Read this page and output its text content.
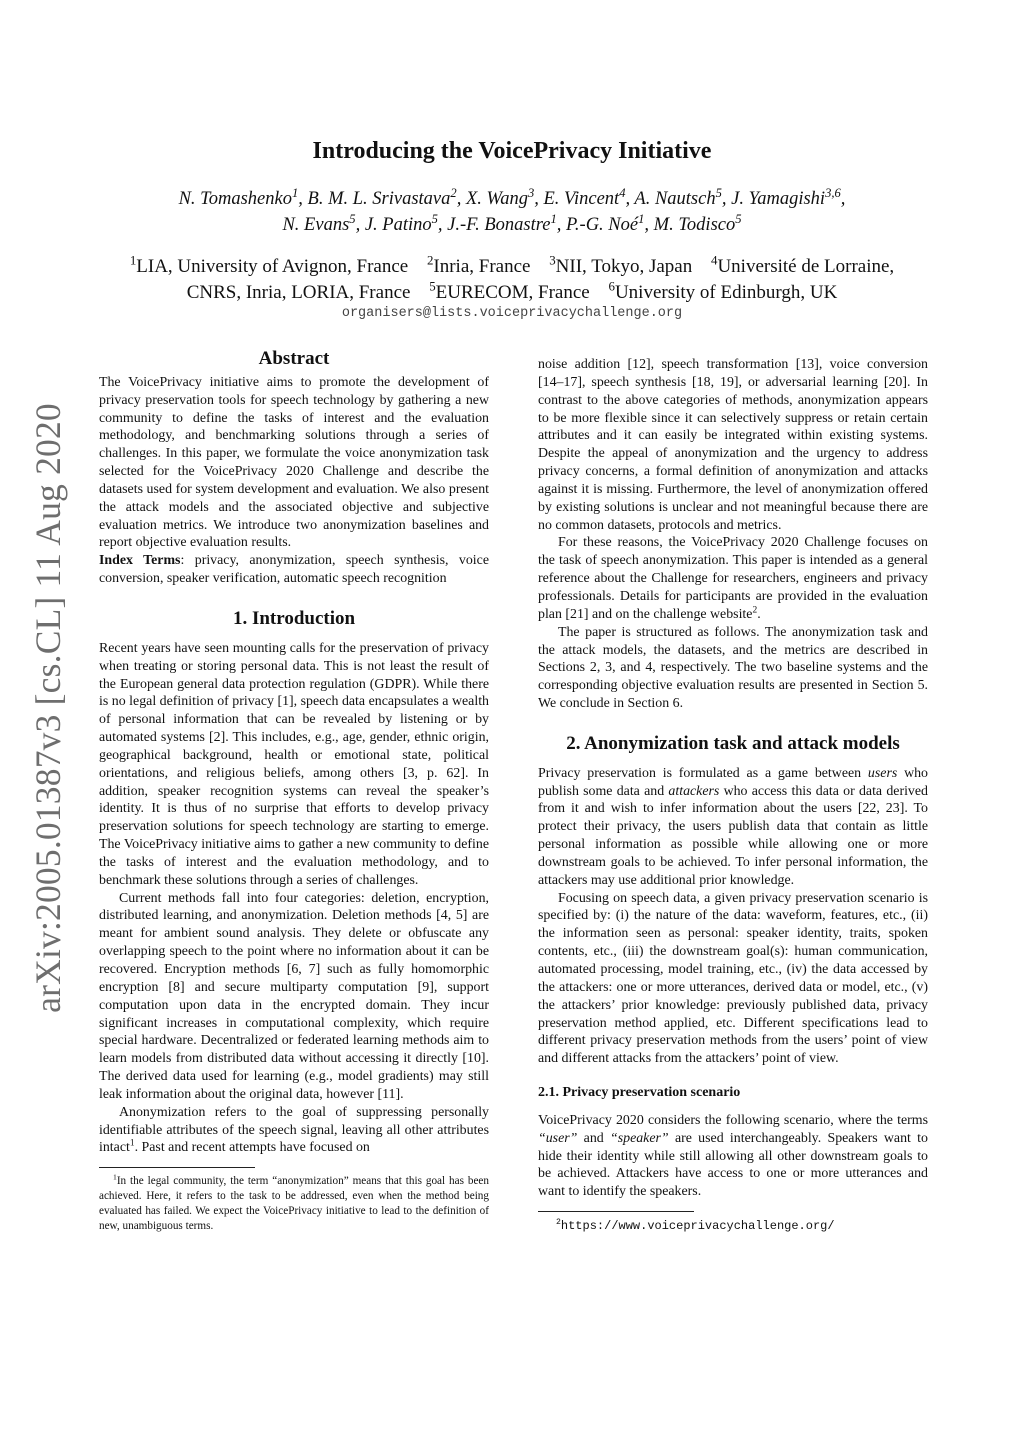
arXiv:2005.01387v3 [cs.CL] 11 Aug 2020
Introducing the VoicePrivacy Initiative
N. Tomashenko$^1$, B. M. L. Srivastava$^2$, X. Wang$^3$, E. Vincent$^4$, A. Nautsch$^5$, J. Yamagishi$^{3,6}$,
N. Evans$^5$, J. Patino$^5$, J.-F. Bonastre$^1$, P.-G. Noé$^1$, M. Todisco$^5$
$^1$LIA, University of Avignon, France $^2$Inria, France $^3$NII, Tokyo, Japan $^4$Université de Lorraine,
CNRS, Inria, LORIA, France $^5$EURECOM, France $^6$University of Edinburgh, UK
organisers@lists.voiceprivacychallenge.org
Abstract

The VoicePrivacy initiative aims to promote the development of privacy preservation tools for speech technology by gathering a new community to define the tasks of interest and the evaluation methodology, and benchmarking solutions through a series of challenges. In this paper, we formulate the voice anonymization task selected for the VoicePrivacy 2020 Challenge and describe the datasets used for system development and evaluation. We also present the attack models and the associated objective and subjective evaluation metrics. We introduce two anonymization baselines and report objective evaluation results.

Index Terms: privacy, anonymization, speech synthesis, voice conversion, speaker verification, automatic speech recognition

1. Introduction

Recent years have seen mounting calls for the preservation of privacy when treating or storing personal data. This is not least the result of the European general data protection regulation (GDPR). While there is no legal definition of privacy [1], speech data encapsulates a wealth of personal information that can be revealed by listening or by automated systems [2]. This includes, e.g., age, gender, ethnic origin, geographical background, health or emotional state, political orientations, and religious beliefs, among others [3, p. 62]. In addition, speaker recognition systems can reveal the speaker’s identity. It is thus of no surprise that efforts to develop privacy preservation solutions for speech technology are starting to emerge. The VoicePrivacy initiative aims to gather a new community to define the tasks of interest and the evaluation methodology, and to benchmark these solutions through a series of challenges.

Current methods fall into four categories: deletion, encryption, distributed learning, and anonymization. Deletion methods [4, 5] are meant for ambient sound analysis. They delete or obfuscate any overlapping speech to the point where no information about it can be recovered. Encryption methods [6, 7] such as fully homomorphic encryption [8] and secure multiparty computation [9], support computation upon data in the encrypted domain. They incur significant increases in computational complexity, which require special hardware. Decentralized or federated learning methods aim to learn models from distributed data without accessing it directly [10]. The derived data used for learning (e.g., model gradients) may still leak information about the original data, however [11].

Anonymization refers to the goal of suppressing personally identifiable attributes of the speech signal, leaving all other attributes intact$^1$. Past and recent attempts have focused on

$^1$In the legal community, the term “anonymization” means that this goal has been achieved. Here, it refers to the task to be addressed, even when the method being evaluated has failed. We expect the VoicePrivacy initiative to lead to the definition of new, unambiguous terms.

noise addition [12], speech transformation [13], voice conversion [14–17], speech synthesis [18, 19], or adversarial learning [20]. In contrast to the above categories of methods, anonymization appears to be more flexible since it can selectively suppress or retain certain attributes and it can easily be integrated within existing systems. Despite the appeal of anonymization and the urgency to address privacy concerns, a formal definition of anonymization and attacks against it is missing. Furthermore, the level of anonymization offered by existing solutions is unclear and not meaningful because there are no common datasets, protocols and metrics.

For these reasons, the VoicePrivacy 2020 Challenge focuses on the task of speech anonymization. This paper is intended as a general reference about the Challenge for researchers, engineers and privacy professionals. Details for participants are provided in the evaluation plan [21] and on the challenge website$^2$.

The paper is structured as follows. The anonymization task and the attack models, the datasets, and the metrics are described in Sections 2, 3, and 4, respectively. The two baseline systems and the corresponding objective evaluation results are presented in Section 5. We conclude in Section 6.

2. Anonymization task and attack models

Privacy preservation is formulated as a game between users who publish some data and attackers who access this data or data derived from it and wish to infer information about the users [22, 23]. To protect their privacy, the users publish data that contain as little personal information as possible while allowing one or more downstream goals to be achieved. To infer personal information, the attackers may use additional prior knowledge.

Focusing on speech data, a given privacy preservation scenario is specified by: (i) the nature of the data: waveform, features, etc., (ii) the information seen as personal: speaker identity, traits, spoken contents, etc., (iii) the downstream goal(s): human communication, automated processing, model training, etc., (iv) the data accessed by the attackers: one or more utterances, derived data or model, etc., (v) the attackers’ prior knowledge: previously published data, privacy preservation method applied, etc. Different specifications lead to different privacy preservation methods from the users’ point of view and different attacks from the attackers’ point of view.

2.1. Privacy preservation scenario

VoicePrivacy 2020 considers the following scenario, where the terms “user” and “speaker” are used interchangeably. Speakers want to hide their identity while still allowing all other downstream goals to be achieved. Attackers have access to one or more utterances and want to identify the speakers.

$^2$https://www.voiceprivacychallenge.org/
